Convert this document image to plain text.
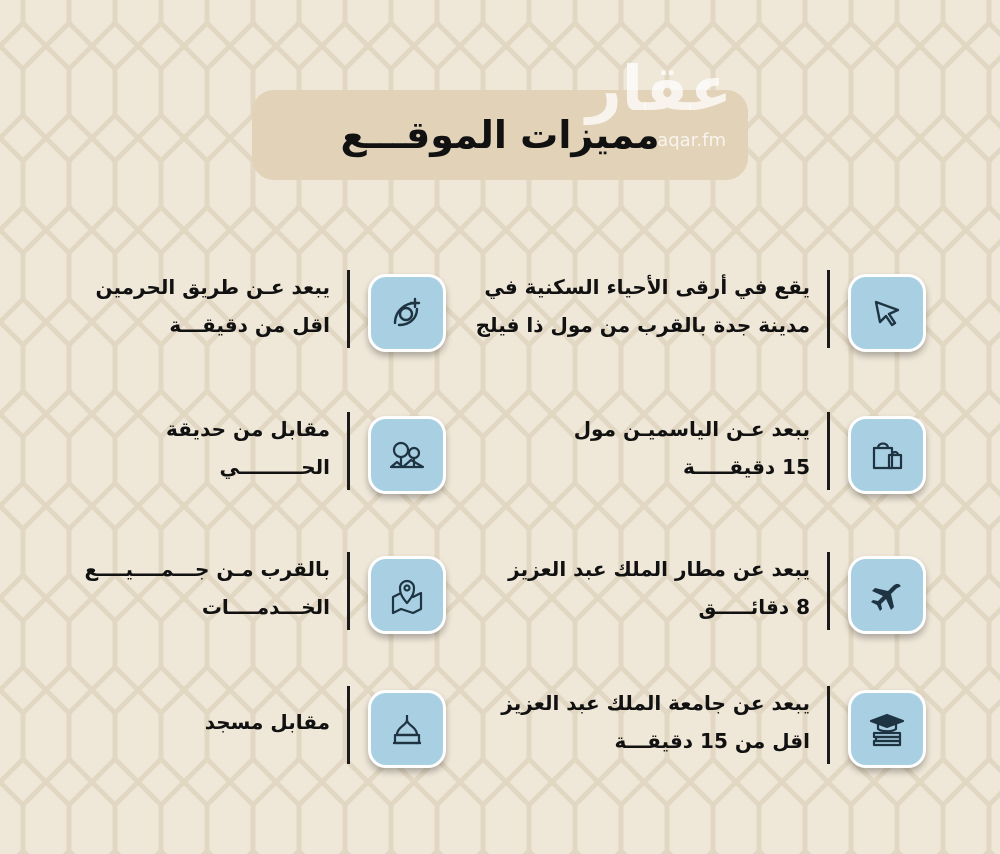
مميزات الموقـــع
عقار
aqar.fm
يقع في أرقى الأحياء السكنية في
مدينة جدة بالقرب من مول ذا فيلج
يبعد عـن طريق الحرمين
اقل من دقيقـــة
يبعد عـن الياسميـن مول
15 دقيقـــــة
مقابل من حديقة
الحـــــــــي
يبعد عن مطار الملك عبد العزيز
8 دقائـــــق
بالقرب مـن جـــمــــيــــع
الخـــدمــــات
يبعد عن جامعة الملك عبد العزيز
اقل من 15 دقيقـــة
مقابل مسجد
